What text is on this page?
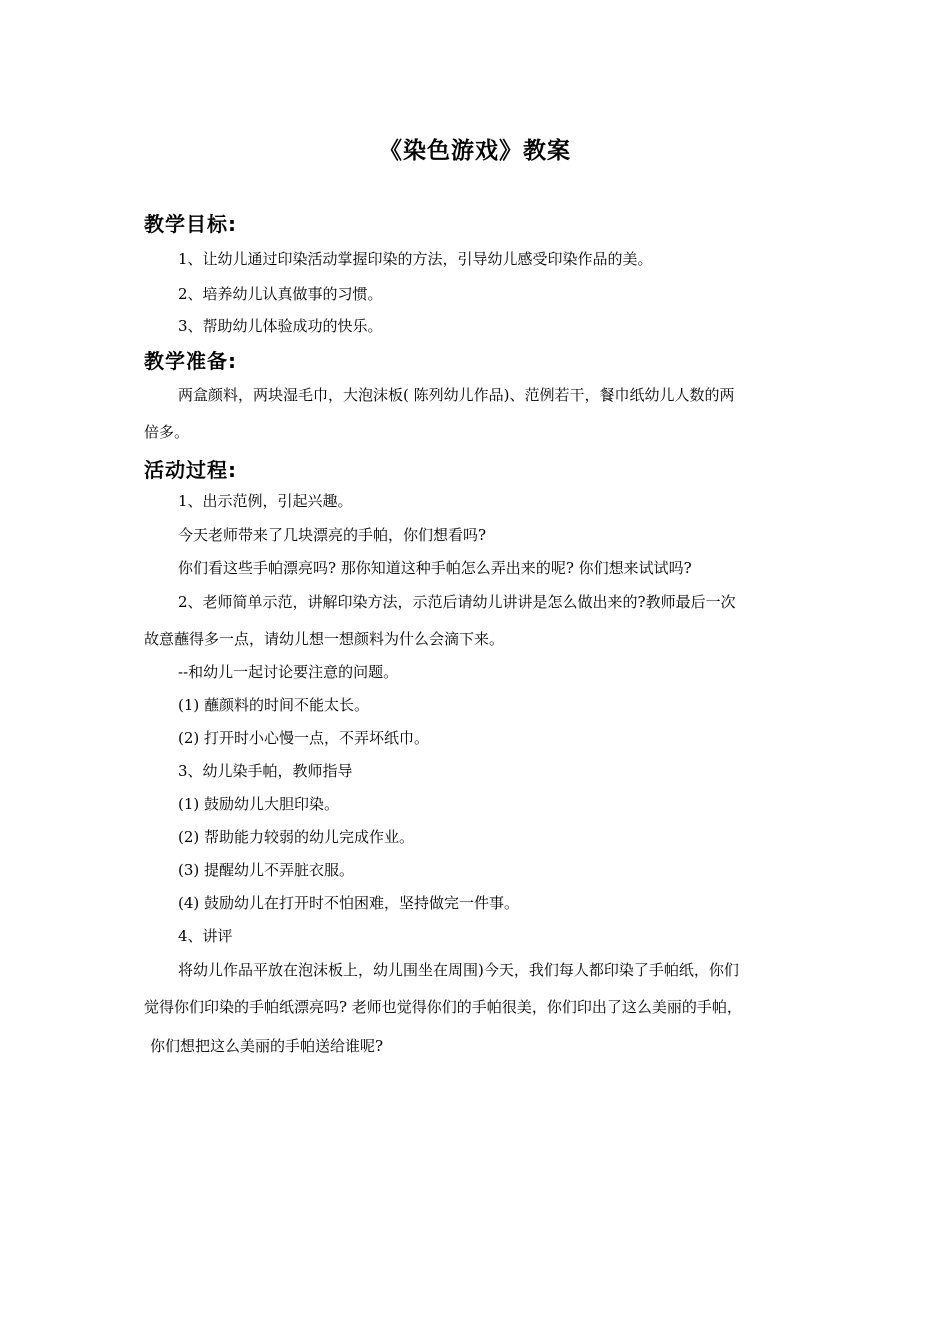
《染色游戏》教案
教学目标:
1、让幼儿通过印染活动掌握印染的方法，引导幼儿感受印染作品的美。
2、培养幼儿认真做事的习惯。
3、帮助幼儿体验成功的快乐。
教学准备:
两盒颜料，两块湿毛巾，大泡沫板( 陈列幼儿作品)、范例若干，餐巾纸幼儿人数的两
倍多。
活动过程:
1、出示范例，引起兴趣。
今天老师带来了几块漂亮的手帕，你们想看吗?
你们看这些手帕漂亮吗? 那你知道这种手帕怎么弄出来的呢? 你们想来试试吗?
2、老师简单示范，讲解印染方法，示范后请幼儿讲讲是怎么做出来的?教师最后一次
故意蘸得多一点，请幼儿想一想颜料为什么会滴下来。
--和幼儿一起讨论要注意的问题。
(1) 蘸颜料的时间不能太长。
(2) 打开时小心慢一点，不弄坏纸巾。
3、幼儿染手帕，教师指导
(1) 鼓励幼儿大胆印染。
(2) 帮助能力较弱的幼儿完成作业。
(3) 提醒幼儿不弄脏衣服。
(4) 鼓励幼儿在打开时不怕困难，坚持做完一件事。
4、讲评
将幼儿作品平放在泡沫板上，幼儿围坐在周围)今天，我们每人都印染了手帕纸，你们
觉得你们印染的手帕纸漂亮吗? 老师也觉得你们的手帕很美，你们印出了这么美丽的手帕，
你们想把这么美丽的手帕送给谁呢?
